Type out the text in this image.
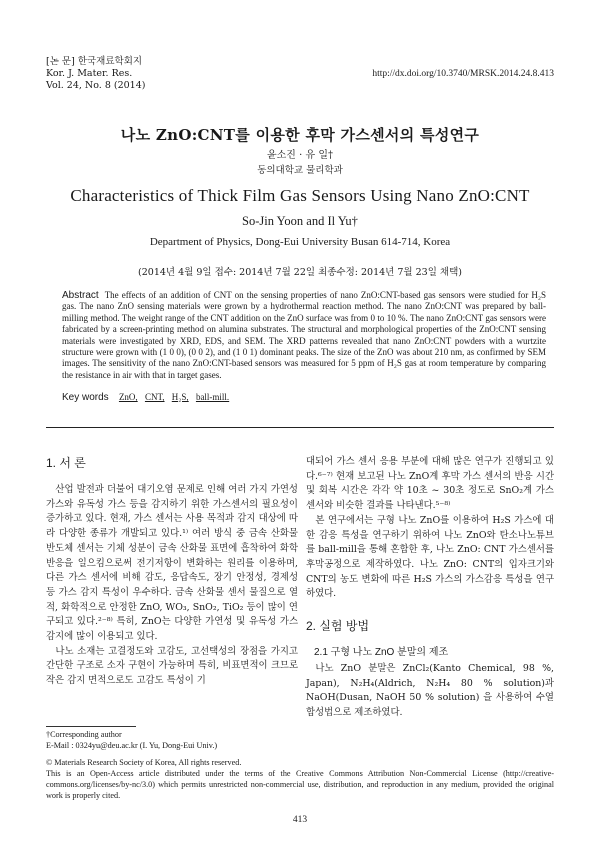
[논 문] 한국재료학회지
Kor. J. Mater. Res.
Vol. 24, No. 8 (2014)
http://dx.doi.org/10.3740/MRSK.2014.24.8.413
나노 ZnO:CNT를 이용한 후막 가스센서의 특성연구
윤소진 · 유 일†
동의대학교 물리학과
Characteristics of Thick Film Gas Sensors Using Nano ZnO:CNT
So-Jin Yoon and Il Yu†
Department of Physics, Dong-Eui University Busan 614-714, Korea
(2014년 4월 9일 접수: 2014년 7월 22일 최종수정: 2014년 7월 23일 채택)
Abstract The effects of an addition of CNT on the sensing properties of nano ZnO:CNT-based gas sensors were studied for H₂S gas. The nano ZnO sensing materials were grown by a hydrothermal reaction method. The nano ZnO:CNT was prepared by ball-milling method. The weight range of the CNT addition on the ZnO surface was from 0 to 10 %. The nano ZnO:CNT gas sensors were fabricated by a screen-printing method on alumina substrates. The structural and morphological properties of the ZnO:CNT sensing materials were investigated by XRD, EDS, and SEM. The XRD patterns revealed that nano ZnO:CNT powders with a wurtzite structure were grown with (1 0 0), (0 0 2), and (1 0 1) dominant peaks. The size of the ZnO was about 210 nm, as confirmed by SEM images. The sensitivity of the nano ZnO:CNT-based sensors was measured for 5 ppm of H₂S gas at room temperature by comparing the resistance in air with that in target gases.
Key words ZnO, CNT, H₂S, ball-mill.
1. 서 론

산업 발전과 더불어 대기오염 문제로 인해 여러 가지 가연성 가스와 유독성 가스 등을 감지하기 위한 가스센서의 필요성이 증가하고 있다. 현재, 가스 센서는 사용 목적과 감지 대상에 따라 다양한 종류가 개발되고 있다.¹⁾ 여러 방식 중 금속 산화물 반도체 센서는 기체 성분이 금속 산화물 표면에 흡착하여 화학반응을 일으킴으로써 전기저항이 변화하는 원리를 이용하며, 다른 가스 센서에 비해 감도, 응답속도, 장기 안정성, 경제성 등 가스 감지 특성이 우수하다. 금속 산화물 센서 물질으로 열적, 화학적으로 안정한 ZnO, WO₃, SnO₂, TiO₂ 등이 많이 연구되고 있다.²⁻⁸⁾ 특히, ZnO는 다양한 가연성 및 유독성 가스감지에 많이 이용되고 있다.

나노 소재는 고결정도와 고감도, 고선택성의 장점을 가지고 간단한 구조로 소자 구현이 가능하며 특히, 비표면적이 크므로 작은 감지 면적으로도 고감도 특성이 기

대되어 가스 센서 응용 부분에 대해 많은 연구가 진행되고 있다.⁶⁻⁷⁾ 현재 보고된 나노 ZnO계 후막 가스 센서의 반응 시간 및 회복 시간은 각각 약 10초 ~ 30초 정도로 SnO₂계 가스 센서와 비슷한 결과를 나타낸다.⁵⁻⁸⁾

본 연구에서는 구형 나노 ZnO를 이용하여 H₂S 가스에 대한 감응 특성을 연구하기 위하여 나노 ZnO와 탄소나노튜브를 ball-mill을 통해 혼합한 후, 나노 ZnO: CNT 가스센서를 후막공정으로 제작하였다. 나노 ZnO: CNT의 입자크기와 CNT의 농도 변화에 따른 H₂S 가스의 가스감응 특성을 연구하였다.

2. 실험 방법
2.1 구형 나노 ZnO 분말의 제조

나노 ZnO 분말은 ZnCl₂(Kanto Chemical, 98 %, Japan), N₂H₄(Aldrich, N₂H₄ 80 % solution)과 NaOH(Dusan, NaOH 50 % solution) 을 사용하여 수열합성법으로 제조하였다.

†Corresponding author
E-Mail : 0324yu@deu.ac.kr (I. Yu, Dong-Eui Univ.)
© Materials Research Society of Korea, All rights reserved.
This is an Open-Access article distributed under the terms of the Creative Commons Attribution Non-Commercial License (http://creative-commons.org/licenses/by-nc/3.0) which permits unrestricted non-commercial use, distribution, and reproduction in any medium, provided the original work is properly cited.
413
